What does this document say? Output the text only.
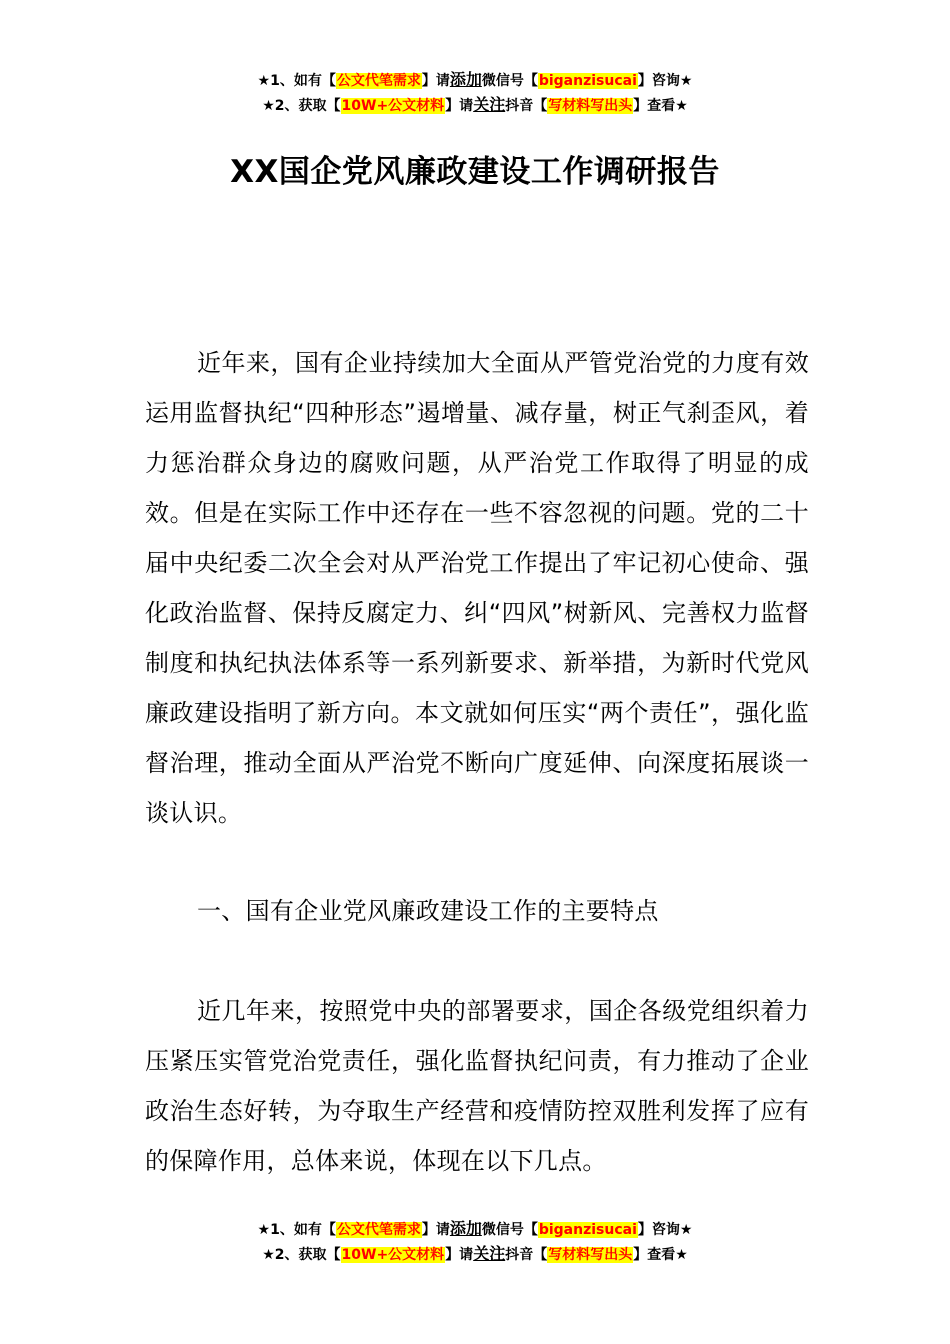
★1、如有【公文代笔需求】请添加微信号【biganzisucai】咨询★
★2、获取【10W+公文材料】请关注抖音【写材料写出头】查看★
XX国企党风廉政建设工作调研报告

近年来，国有企业持续加大全面从严管党治党的力度有效运用监督执纪“四种形态”遏增量、减存量，树正气刹歪风，着力惩治群众身边的腐败问题，从严治党工作取得了明显的成效。但是在实际工作中还存在一些不容忽视的问题。党的二十届中央纪委二次全会对从严治党工作提出了牢记初心使命、强化政治监督、保持反腐定力、纠“四风”树新风、完善权力监督制度和执纪执法体系等一系列新要求、新举措，为新时代党风廉政建设指明了新方向。本文就如何压实“两个责任”，强化监督治理，推动全面从严治党不断向广度延伸、向深度拓展谈一谈认识。

一、国有企业党风廉政建设工作的主要特点

近几年来，按照党中央的部署要求，国企各级党组织着力压紧压实管党治党责任，强化监督执纪问责，有力推动了企业政治生态好转，为夺取生产经营和疫情防控双胜利发挥了应有的保障作用，总体来说，体现在以下几点。

★1、如有【公文代笔需求】请添加微信号【biganzisucai】咨询★
★2、获取【10W+公文材料】请关注抖音【写材料写出头】查看★
